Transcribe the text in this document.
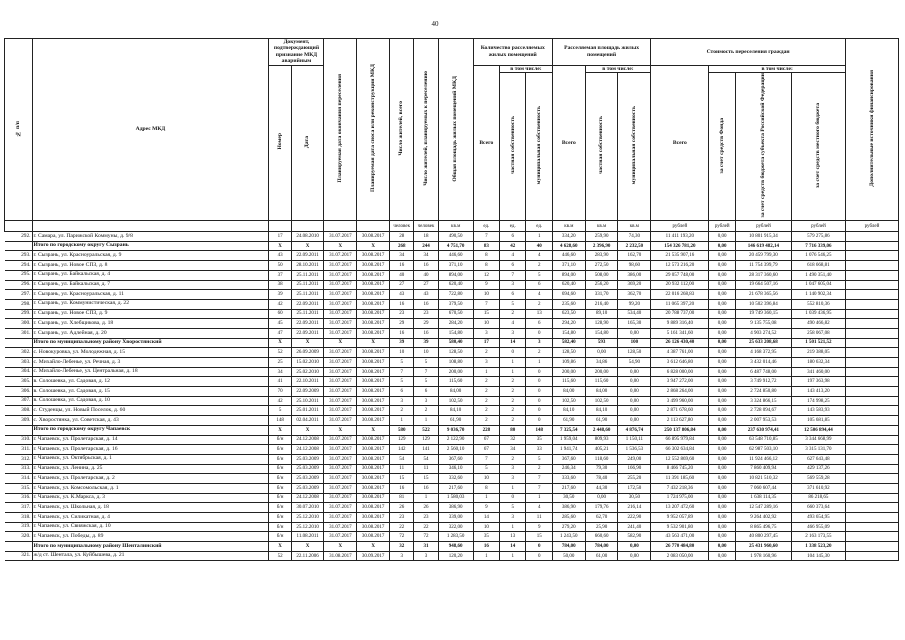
40
№ п/п	Адрес МКД	Документ, подтверждающий признание МКД аварийным		Планируемая дата окончания переселения	Планируемая дата сноса или реконструкции МКД	Число жителей, всего	Число жителей, планируемых к переселению	Общая площадь жилых помещений МКД	Количество расселяемых жилых помещений			Расселяемая площадь жилых помещений			Стоимость переселения граждан				Дополнительные источники финансирования
		Номер	Дата						Всего	в том числе:		Всего	в том числе:		Всего	в том числе:			
										частная собственность	муниципальная собственность		частная собственность	муниципальная собственность		за счет средств Фонда	за счет средств бюджета субъекта Российской Федерации	за счет средств местного бюджета	
						человек	человек	кв.м	ед.	ед.	ед.	кв.м	кв.м	кв.м	рублей	рублей	рублей	рублей	рублей
292.	г. Самара, ул. Парижской Коммуны, д. 9/8	17	24.08.2010	31.07.2017	30.08.2017	28	18	490,50	7	6	1	334,20	259,90	74,30	11 411 193,20	0,00	10 801 915,34	579 275,86	
	Итого по городскому округу Сызрань	X	X	X	X	268	244	4 751,70	83	42	40	4 628,60	2 396,90	2 232,50	154 326 781,20	0,00	146 619 482,14	7 716 339,06	
293.	г. Сызрань, ул. Красноуральская, д. 9	43	22.09.2011	31.07.2017	30.08.2017	34	34	446,60	8	4	4	446,60	283,90	162,70	21 535 907,16	0,00	20 459 799,30	1 076 546,25	
294.	г. Сызрань, ул. Новое СПЗ, д. 8	50	28.10.2011	31.07.2017	30.08.2017	16	16	371,10	8	6	2	371,10	272,50	98,60	12 573 216,20	0,00	11 754 399,79	618 668,81	
295.	г. Сызрань, ул. Байкальская, д. 4	37	25.11.2011	31.07.2017	30.08.2017	40	40	894,00	12	7	5	894,00	508,00	386,00	29 057 748,00	0,00	28 317 360,60	1 490 351,40	
296.	г. Сызрань, ул. Байкальская, д. 7	38	25.11.2011	31.07.2017	30.08.2017	27	27	620,40	9	3	6	620,40	256,20	369,20	20 932 112,00	0,00	19 664 507,16	1 047 605,04	
297.	г. Сызрань, ул. Красноуральская, д. 11	39	25.11.2011	31.07.2017	30.08.2017	43	43	722,80	10	6	4	694,60	331,70	362,70	22 016 268,83	0,00	21 678 365,56	1 140 902,34	
298.	г. Сызрань, ул. Коммунистическая, д. 22	42	22.09.2011	31.07.2017	30.08.2017	16	16	379,50	7	5	2	235,60	216,40	99,20	11 065 397,20	0,00	10 502 396,84	552 810,36	
299.	г. Сызрань, ул. Новое СПЗ, д. 9	60	25.11.2011	31.07.2017	30.08.2017	23	23	670,50	15	2	13	623,50	89,10	534,40	20 788 737,00	0,00	19 749 360,15	1 039 436,95	
300.	г. Сызрань, ул. Хлебщикова, д. 18	45	22.09.2011	31.07.2017	30.08.2017	29	29	284,20	10	4	6	294,20	128,90	165,30	9 889 316,40	0,00	9 135 755,08	490 466,82	
301.	г. Сызрань, ул. Адлейная, д. 20	47	22.09.2011	31.07.2017	30.08.2017	16	16	154,80	3	3	0	154,80	154,80	0,00	5 161 341,60	0,00	4 903 274,52	258 067,08	
	Итого по муниципальному району Хворостянский	X	X	X	X	39	39	580,40	17	14	3	582,40	593	100	26 126 430,40	0,00	25 633 208,68	1 501 521,52	
302.	с. Новокуровка, ул. Молодежная, д. 15	52	26.09.2009	31.07.2017	30.08.2017	10	10	128,50	2	0	2	128,50	0,00	128,50	4 387 761,00	0,00	4 168 372,95	219 388,05	
303.	с. Михайло-Лебенье, ул. Речная, д. 3	25	15.02.2010	31.07.2017	30.08.2017	5	5	108,80	3	1	1	109,86	34,86	54,90	3 612 646,80	0,00	3 432 014,46	180 632,34	
304.	с. Михайло-Лебенье, ул. Центральная, д. 18	34	25.02.2010	31.07.2017	30.08.2017	7	7	200,00	1	1	0	200,00	200,00	0,00	6 828 000,00	0,00	6 487 748,00	341 460,00	
305.	в. Солошевка, ул. Садовая, д. 12	41	22.10.2011	31.07.2017	30.08.2017	5	5	115,60	2	2	0	115,60	115,60	0,00	3 947 272,00	0,00	3 749 912,72	197 363,98	
306.	в. Солошевка, ул. Садовая, д. 15	70	22.09.2009	31.07.2017	30.08.2017	6	6	84,00	2	2	0	84,00	84,00	0,00	2 868 264,00	0,00	2 724 850,80	143 413,20	
307.	в. Солошевка, ул. Садовая, д. 10	42	25.10.2011	31.07.2017	30.08.2017	3	3	102,50	2	2	0	102,50	102,50	0,00	3 499 960,00	0,00	3 324 866,15	174 998,25	
308.	с. Студенцы, ул. Новый Поселок, д. 60	5	25.01.2011	31.07.2017	30.08.2017	2	2	84,10	2	2	0	84,10	84,10	0,00	2 871 678,60	0,00	2 728 094,67	143 583,93	
309.	с. Хворостянка, ул. Советская, д. 43	148	02.04.2011	31.07.2017	30.08.2017	1	1	61,90	2	2	0	61,90	61,90	0,00	2 113 627,80	0,00	2 007 953,53	105 681,85	
	Итого по городскому округу Чапаевск	X	X	X	X	580	522	9 036,70	228	80	148	7 325,54	2 448,60	4 876,74	250 137 806,84	0,00	237 630 974,41	12 506 894,44	
310.	г. Чапаевск, ул. Пролетарская, д. 14	б/н	24.12.2008	31.07.2017	30.08.2017	129	129	2 122,90	67	32	35	1 959,04	809,93	1 150,11	66 895 979,84	0,00	63 548 710,85	3 344 668,99	
311.	г. Чапаевск, ул. Пролетарская, д. 16	б/н	24.12.2008	31.07.2017	30.08.2017	142	141	2 560,10	67	34	33	1 941,74	405,21	1 536,53	66 302 634,84	0,00	62 987 503,10	3 315 131,70	
312.	г. Чапаевск, ул. Октябрьская, д. 1	б/н	25.03.2009	31.07.2017	30.08.2017	54	54	367,60	7	2	5	367,60	118,60	249,00	12 552 869,60	0,00	11 924 466,12	627 643,48	
313.	г. Чапаевск, ул. Ленина, д. 25	б/н	25.03.2009	31.07.2017	30.08.2017	11	11	346,10	5	3	2	246,34	79,30	166,90	8 466 745,20	0,00	7 860 409,94	429 137,26	
314.	г. Чапаевск, ул. Пролетарская, д. 2	б/н	25.03.2009	31.07.2017	30.08.2017	15	15	332,60	10	3	7	333,60	78,40	255,20	11 391 185,60	0,00	10 821 510,32	569 559,28	
315.	г. Чапаевск, ул. Комсомольская, д. 1	б/н	25.03.2009	31.07.2017	30.08.2017	16	16	217,60	8	1	7	217,60	44,30	172,50	7 432 218,36	0,00	7 060 607,44	371 610,92	
316.	г. Чапаевск, ул. К.Маркса, д. 3	б/н	24.12.2008	31.07.2017	30.08.2017	81	1	1 580,03	1	0	1	30,50	0,00	30,50	1 724 975,00	0,00	1 638 114,35	86 218,65	
317.	г. Чапаевск, ул. Школьная, д. 18	б/н	30.07.2010	31.07.2017	30.08.2017	26	26	386,90	9	5	4	386,90	179,76	216,14	13 207 472,60	0,00	12 547 289,16	660 373,64	
318.	г. Чапаевск, ул. Силикатная, д. 4	б/н	25.12.2010	31.07.2017	30.08.2017	23	23	339,00	14	3	11	285,60	62,70	222,90	9 952 057,89	0,00	9 264 402,92	493 654,95	
319.	г. Чапаевск, ул. Свияжская, д. 10	б/н	25.12.2010	31.07.2017	30.08.2017	22	22	322,00	10	1	9	279,20	25,90	241,40	9 532 901,80	0,00	8 865 496,75	466 955,09	
320.	г. Чапаевск, ул. Победы, д. 89	б/н	11.08.2011	31.07.2017	30.08.2017	72	72	1 283,50	35	13	15	1 243,50	660,60	582,90	43 563 471,00	0,00	40 800 297,45	2 163 173,55	
	Итого по муниципальному району Шенталинский	X	X	X	X	32	31	948,60	16	14	0	784,00	784,00	0,00	26 770 484,80	0,00	25 431 960,60	1 338 523,20	
321.	ж/д ст. Шентала, ул. Куйбышева, д. 21	52	22.11.2006	31.08.2017	30.09.2017	3	3	120,20	1	1	0	50,00	61,00	0,00	2 083 050,00	0,00	1 978 160,96	104 145,30	
